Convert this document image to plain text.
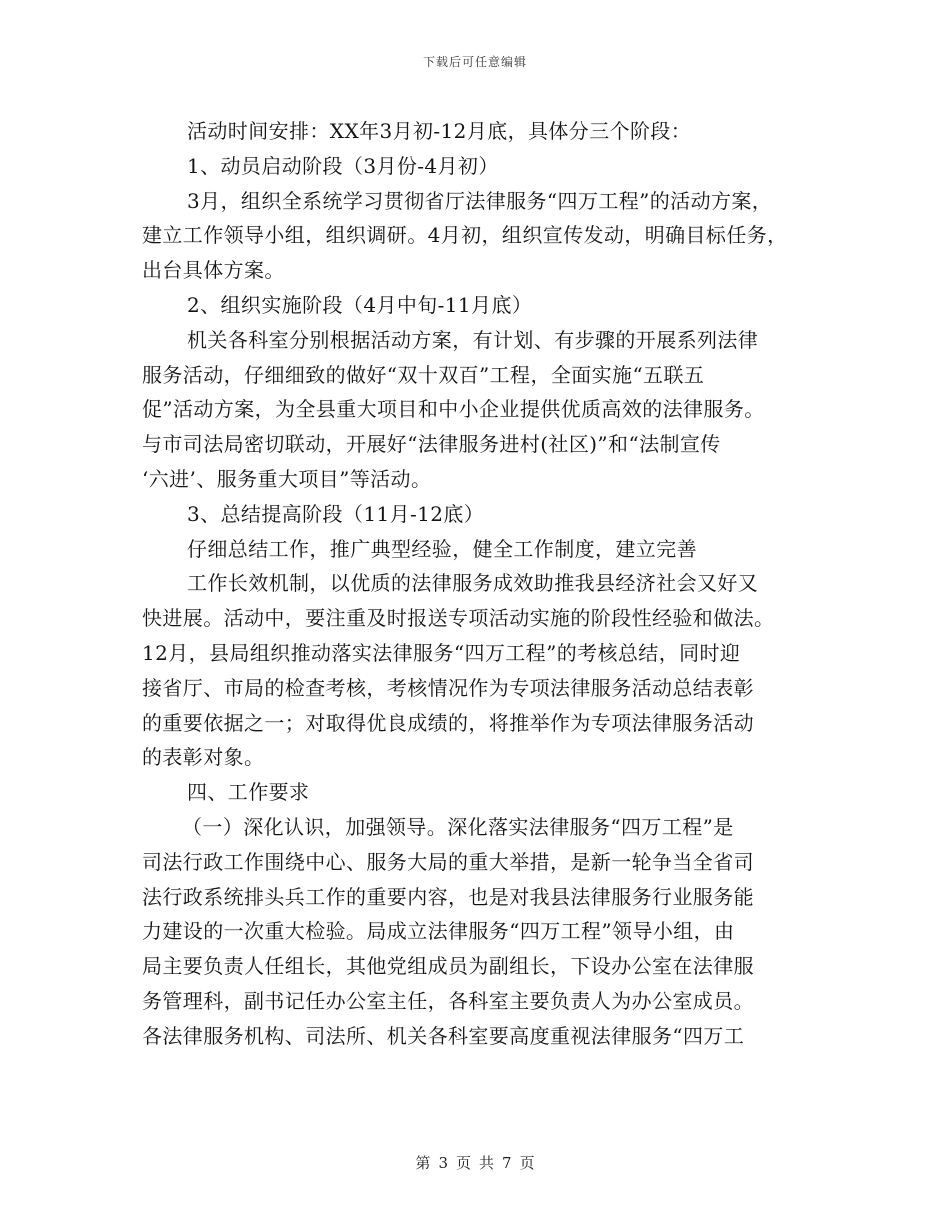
下载后可任意编辑
活动时间安排：XX年3月初-12月底，具体分三个阶段：
1、动员启动阶段（3月份-4月初）
3月，组织全系统学习贯彻省厅法律服务“四万工程”的活动方案，
建立工作领导小组，组织调研。4月初，组织宣传发动，明确目标任务，
出台具体方案。
2、组织实施阶段（4月中旬-11月底）
机关各科室分别根据活动方案，有计划、有步骤的开展系列法律
服务活动，仔细细致的做好“双十双百”工程，全面实施“五联五
促”活动方案，为全县重大项目和中小企业提供优质高效的法律服务。
与市司法局密切联动，开展好“法律服务进村(社区)”和“法制宣传
‘六进’、服务重大项目”等活动。
3、总结提高阶段（11月-12底）
仔细总结工作，推广典型经验，健全工作制度，建立完善
工作长效机制，以优质的法律服务成效助推我县经济社会又好又
快进展。活动中，要注重及时报送专项活动实施的阶段性经验和做法。
12月，县局组织推动落实法律服务“四万工程”的考核总结，同时迎
接省厅、市局的检查考核，考核情况作为专项法律服务活动总结表彰
的重要依据之一；对取得优良成绩的，将推举作为专项法律服务活动
的表彰对象。
四、工作要求
（一）深化认识，加强领导。深化落实法律服务“四万工程”是
司法行政工作围绕中心、服务大局的重大举措，是新一轮争当全省司
法行政系统排头兵工作的重要内容，也是对我县法律服务行业服务能
力建设的一次重大检验。局成立法律服务“四万工程”领导小组，由
局主要负责人任组长，其他党组成员为副组长，下设办公室在法律服
务管理科，副书记任办公室主任，各科室主要负责人为办公室成员。
各法律服务机构、司法所、机关各科室要高度重视法律服务“四万工
第 3 页 共 7 页
